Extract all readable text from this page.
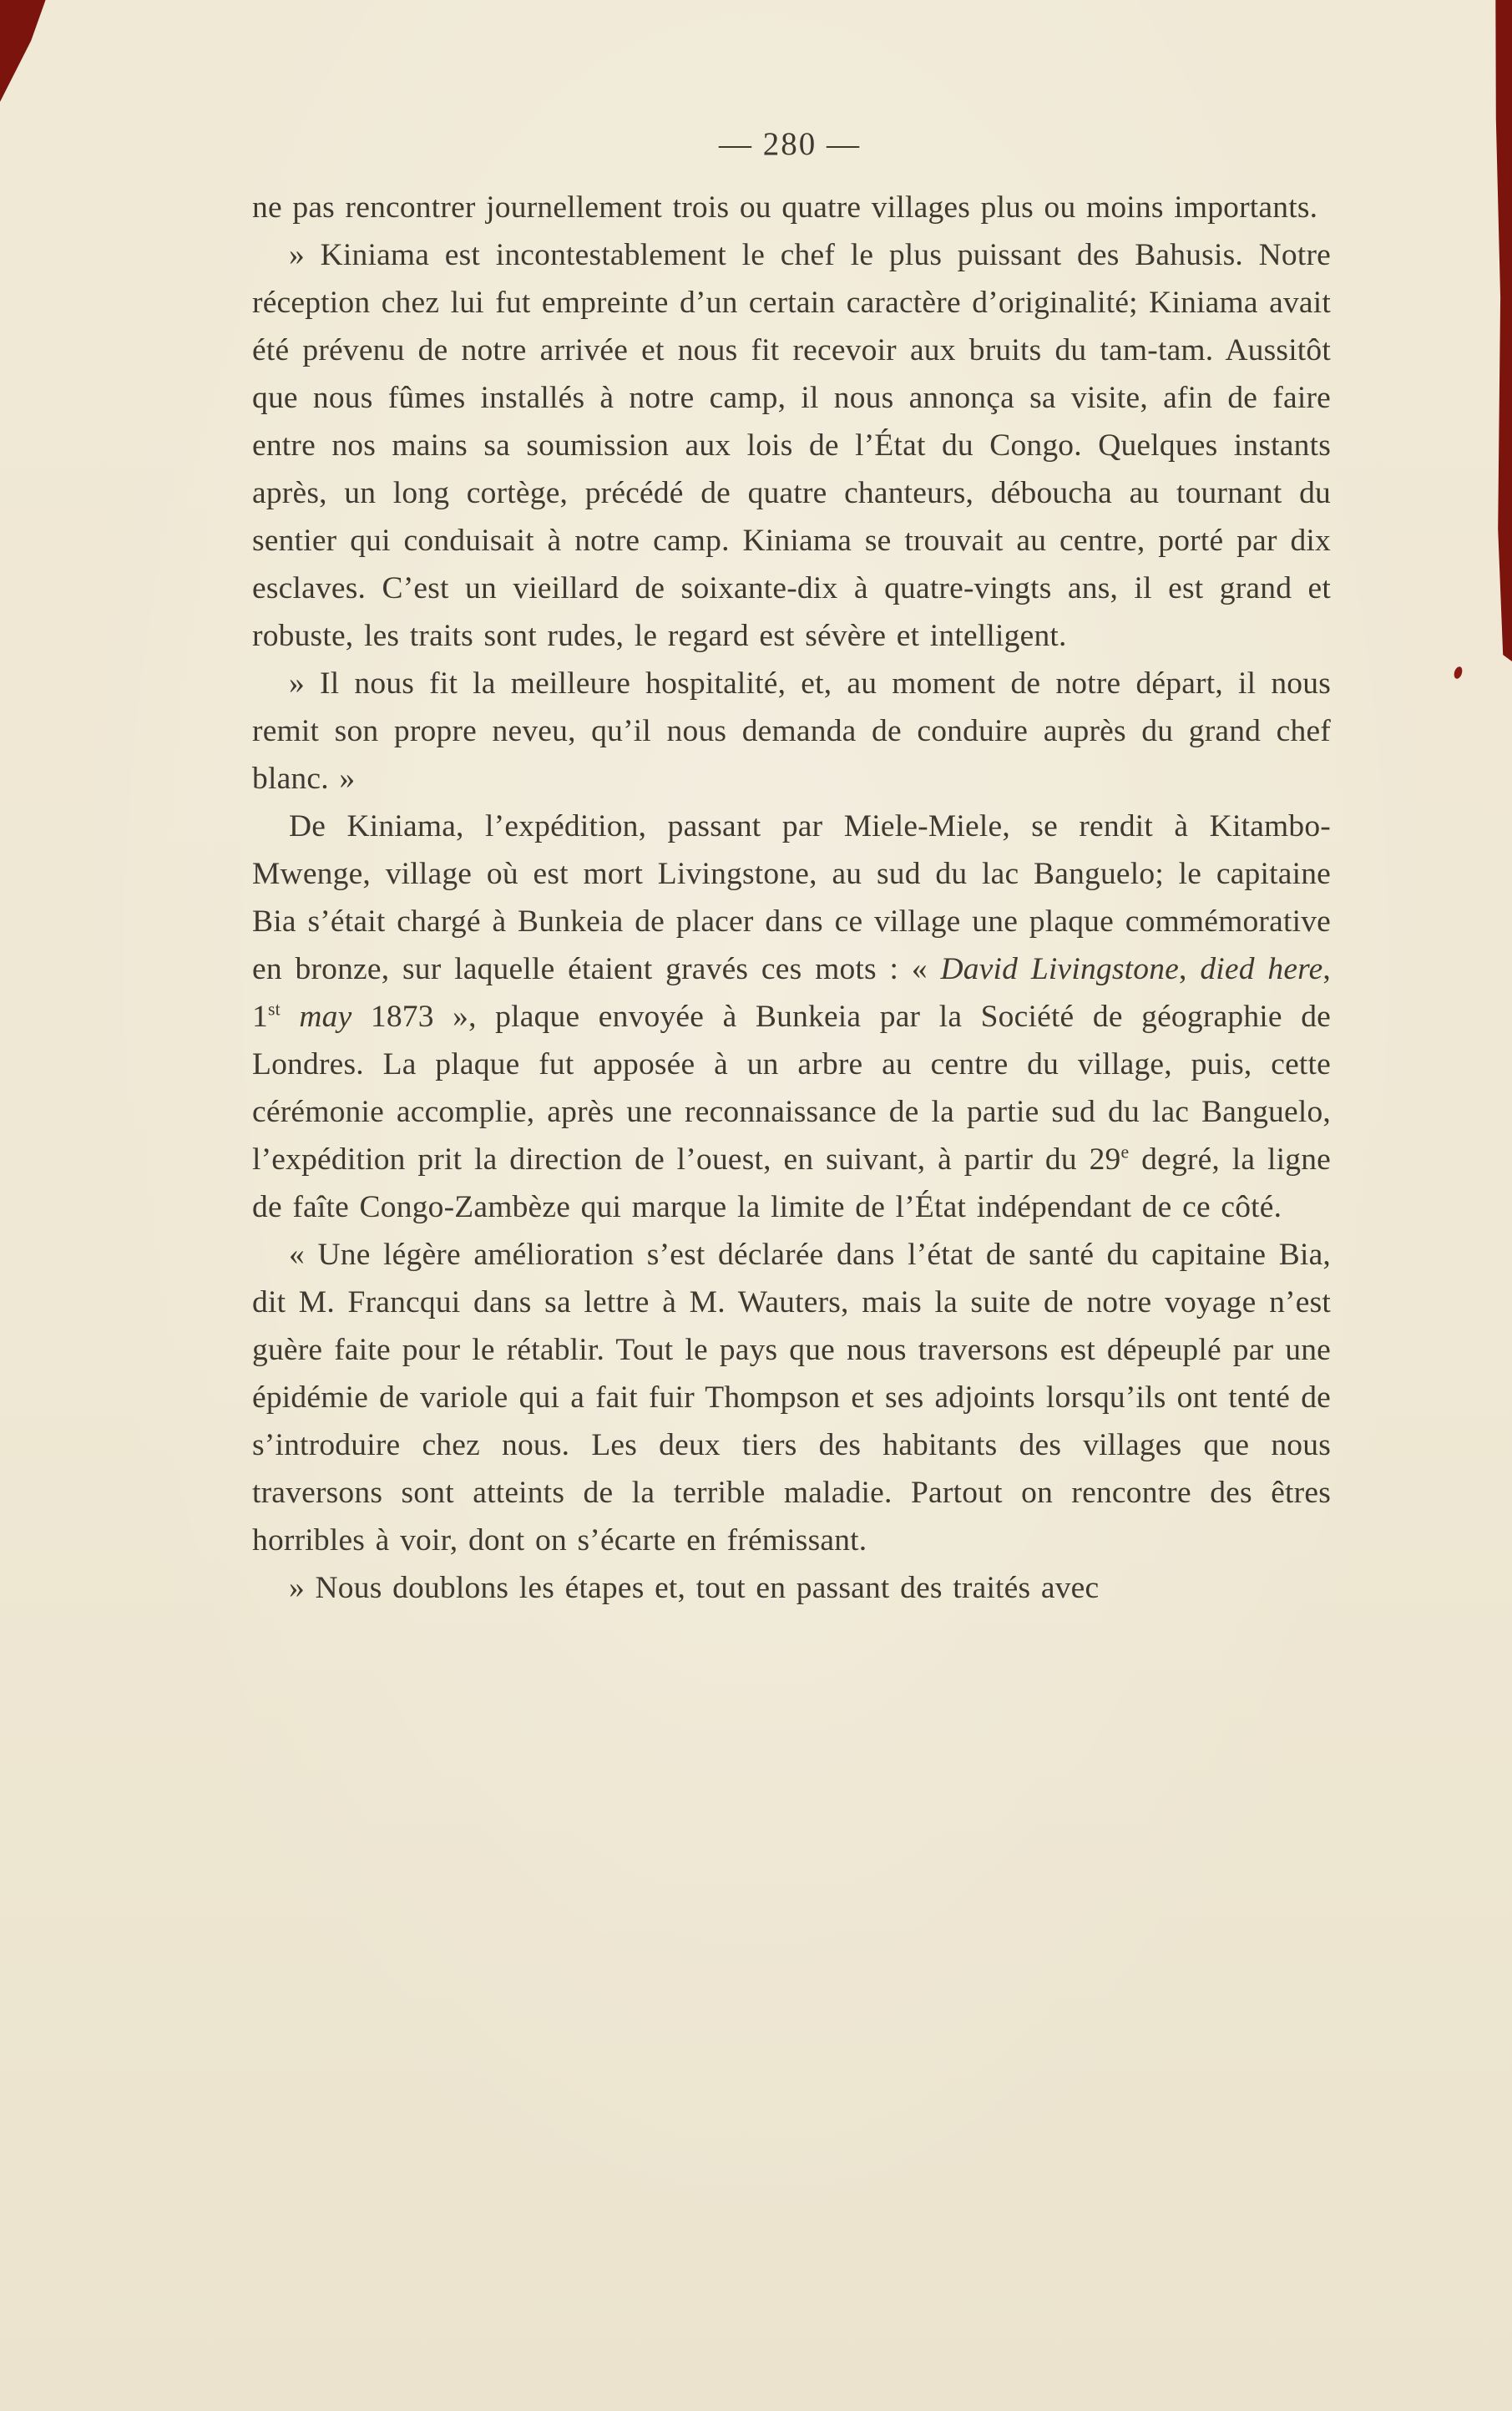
— 280 —

ne pas rencontrer journellement trois ou quatre villages plus ou moins importants.

» Kiniama est incontestablement le chef le plus puissant des Bahusis. Notre réception chez lui fut empreinte d’un certain caractère d’originalité; Kiniama avait été prévenu de notre arrivée et nous fit recevoir aux bruits du tam-tam. Aussitôt que nous fûmes installés à notre camp, il nous annonça sa visite, afin de faire entre nos mains sa soumission aux lois de l’État du Congo. Quelques instants après, un long cortège, précédé de quatre chanteurs, déboucha au tournant du sentier qui conduisait à notre camp. Kiniama se trouvait au centre, porté par dix esclaves. C’est un vieillard de soixante-dix à quatre-vingts ans, il est grand et robuste, les traits sont rudes, le regard est sévère et intelligent.

» Il nous fit la meilleure hospitalité, et, au moment de notre départ, il nous remit son propre neveu, qu’il nous demanda de conduire auprès du grand chef blanc. »

De Kiniama, l’expédition, passant par Miele-Miele, se rendit à Kitambo-Mwenge, village où est mort Livingstone, au sud du lac Banguelo; le capitaine Bia s’était chargé à Bunkeia de placer dans ce village une plaque commémorative en bronze, sur laquelle étaient gravés ces mots : « David Livingstone, died here, 1st may 1873 », plaque envoyée à Bunkeia par la Société de géographie de Londres. La plaque fut apposée à un arbre au centre du village, puis, cette cérémonie accomplie, après une reconnaissance de la partie sud du lac Banguelo, l’expédition prit la direction de l’ouest, en suivant, à partir du 29e degré, la ligne de faîte Congo-Zambèze qui marque la limite de l’État indépendant de ce côté.

« Une légère amélioration s’est déclarée dans l’état de santé du capitaine Bia, dit M. Francqui dans sa lettre à M. Wauters, mais la suite de notre voyage n’est guère faite pour le rétablir. Tout le pays que nous traversons est dépeuplé par une épidémie de variole qui a fait fuir Thompson et ses adjoints lorsqu’ils ont tenté de s’introduire chez nous. Les deux tiers des habitants des villages que nous traversons sont atteints de la terrible maladie. Partout on rencontre des êtres horribles à voir, dont on s’écarte en frémissant.

» Nous doublons les étapes et, tout en passant des traités avec
